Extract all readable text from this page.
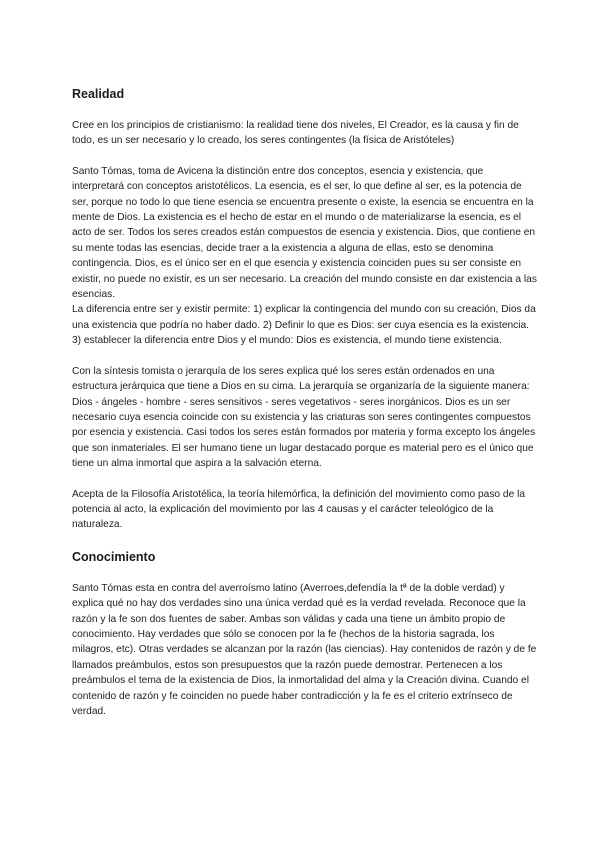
Realidad

Cree en los principios de cristianismo: la realidad tiene dos niveles, El Creador, es la causa y fin de todo, es un ser necesario y lo creado, los seres contingentes (la física de Aristóteles)

Santo Tómas, toma de Avicena la distinción entre dos conceptos, esencia y existencia, que interpretará con conceptos aristotélicos. La esencia, es el ser, lo que define al ser, es la potencia de ser, porque no todo lo que tiene esencia se encuentra presente o existe, la esencia se encuentra en la mente de Dios. La existencia es el hecho de estar en el mundo o de materializarse la esencia, es el acto de ser. Todos los seres creados están compuestos de esencia y existencia. Dios, que contiene en su mente todas las esencias, decide traer a la existencia a alguna de ellas, esto se denomina contingencia. Dios, es el único ser en el que esencia y existencia coinciden pues su ser consiste en existir, no puede no existir, es un ser necesario. La creación del mundo consiste en dar existencia a las esencias.

La diferencia entre ser y existir permite: 1) explicar la contingencia del mundo con su creación, Dios da una existencia que podría no haber dado. 2) Definir lo que es Dios: ser cuya esencia es la existencia. 3) establecer la diferencia entre Dios y el mundo: Dios es existencia, el mundo tiene existencia.

Con la síntesis tomista o jerarquía de los seres explica qué los seres están ordenados en una estructura jerárquica que tiene a Dios en su cima. La jerarquía se organizaría de la siguiente manera: Dios - ángeles - hombre - seres sensitivos - seres vegetativos - seres inorgánicos. Dios es un ser necesario cuya esencia coincide con su existencia y las criaturas son seres contingentes compuestos por esencia y existencia. Casi todos los seres están formados por materia y forma excepto los ángeles que son inmateriales. El ser humano tiene un lugar destacado porque es material pero es el único que tiene un alma inmortal que aspira a la salvación eterna.

Acepta de la Filosofía Aristotélica, la teoría hilemórfica, la definición del movimiento como paso de la potencia al acto, la explicación del movimiento por las 4 causas y el carácter teleológico de la naturaleza.

Conocimiento

Santo Tómas esta en contra del averroísmo latino (Averroes,defendía la tª de la doble verdad) y explica qué no hay dos verdades sino una única verdad qué es la verdad revelada. Reconoce que la razón y la fe son dos fuentes de saber. Ambas son válidas y cada una tiene un ámbito propio de conocimiento. Hay verdades que sólo se conocen por la fe (hechos de la historia sagrada, los milagros, etc). Otras verdades se alcanzan por la razón (las ciencias). Hay contenidos de razón y de fe llamados preámbulos, estos son presupuestos que la razón puede demostrar. Pertenecen a los preámbulos el tema de la existencia de Dios, la inmortalidad del alma y la Creación divina. Cuando el contenido de razón y fe coinciden no puede haber contradicción y la fe es el criterio extrínseco de verdad.
